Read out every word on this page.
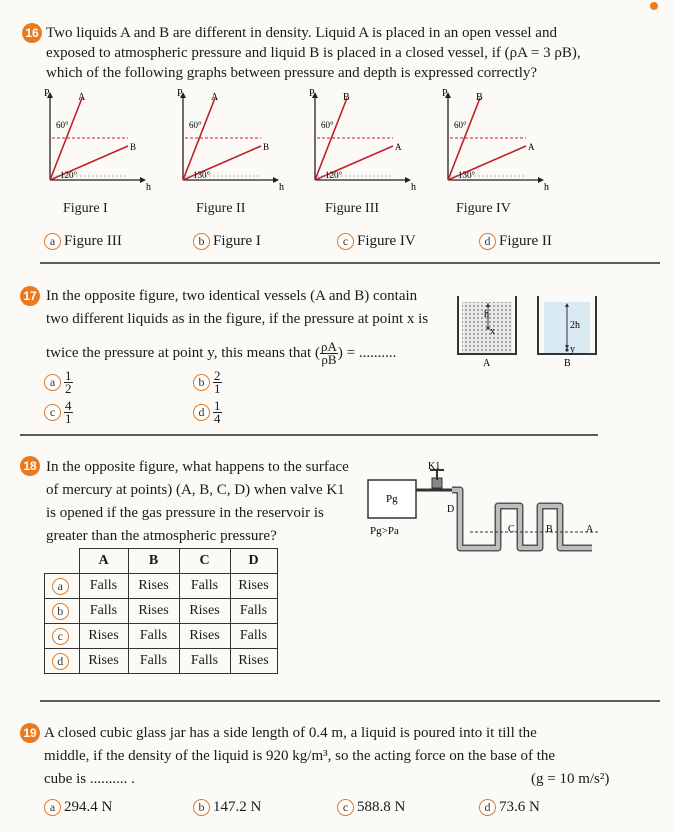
16 Two liquids A and B are different in density. Liquid A is placed in an open vessel and
exposed to atmospheric pressure and liquid B is placed in a closed vessel, if (ρA = 3 ρB),
which of the following graphs between pressure and depth is expressed correctly?
P
h
A
60°
B
120°
P
h
A
60°
B
130°
P
h
B
60°
A
120°
P
h
B
60°
A
130°
Figure I	Figure II	Figure III	Figure IV
a Figure III	b Figure I	c Figure IV	d Figure II
17 In the opposite figure, two identical vessels (A and B) contain
two different liquids as in the figure, if the pressure at point x is
twice the pressure at point y, this means that ( $\frac{\rho A}{\rho B}$ ) = ..........
a $\frac{1}{2}$	b $\frac{2}{1}$
c $\frac{4}{1}$	d $\frac{1}{4}$
h
x
A
2h
y
B
18 In the opposite figure, what happens to the surface
of mercury at points) (A, B, C, D) when valve K1
is opened if the gas pressure in the reservoir is
greater than the atmospheric pressure?
	A	B	C	D
a	Falls	Rises	Falls	Rises
b	Falls	Rises	Rises	Falls
c	Rises	Falls	Rises	Falls
d	Rises	Falls	Falls	Rises
Pg
Pg>Pa
K1
D
C	B	A
19 A closed cubic glass jar has a side length of 0.4 m, a liquid is poured into it till the
middle, if the density of the liquid is 920 kg/m³, so the acting force on the base of the
cube is .......... .	(g = 10 m/s²)
a 294.4 N	b 147.2 N	c 588.8 N	d 73.6 N
